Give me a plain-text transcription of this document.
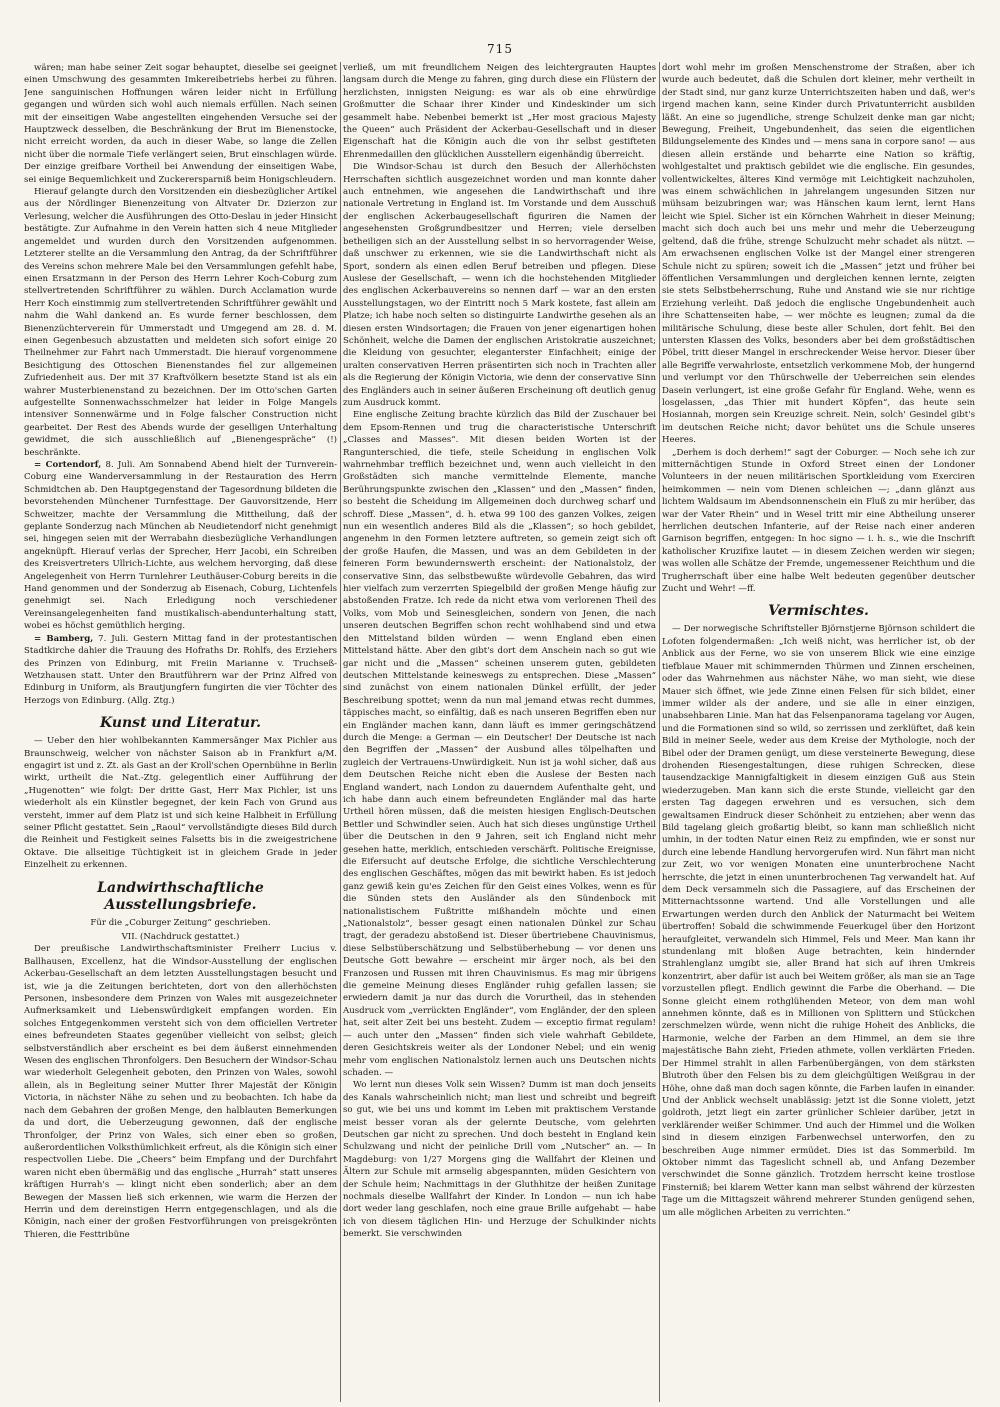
715

wären; man habe seiner Zeit sogar behauptet, dieselbe sei geeignet einen Umschwung des gesammten Imkereibetriebs herbei zu führen. Jene sanguinischen Hoffnungen wären leider nicht in Erfüllung gegangen und würden sich wohl auch niemals erfüllen. Nach seinen mit der einseitigen Wabe angestellten eingehenden Versuche sei der Hauptzweck desselben, die Beschränkung der Brut im Bienenstocke, nicht erreicht worden, da auch in dieser Wabe, so lange die Zellen nicht über die normale Tiefe verlängert seien, Brut einschlagen würde. Der einzige greifbare Vortheil bei Anwendung der einseitigen Wabe, sei einige Bequemlichkeit und Zuckerersparniß beim Honigschleudern.

Hierauf gelangte durch den Vorsitzenden ein diesbezüglicher Artikel aus der Nördlinger Bienenzeitung von Altvater Dr. Dzierzon zur Verlesung, welcher die Ausführungen des Otto-Deslau in jeder Hinsicht bestätigte. Zur Aufnahme in den Verein hatten sich 4 neue Mitglieder angemeldet und wurden durch den Vorsitzenden aufgenommen. Letzterer stellte an die Versammlung den Antrag, da der Schriftführer des Vereins schon mehrere Male bei den Versammlungen gefehlt habe, einen Ersatzmann in der Person des Herrn Lehrer Koch-Coburg zum stellvertretenden Schriftführer zu wählen. Durch Acclamation wurde Herr Koch einstimmig zum stellvertretenden Schriftführer gewählt und nahm die Wahl dankend an. Es wurde ferner beschlossen, dem Bienenzüchterverein für Ummerstadt und Umgegend am 28. d. M. einen Gegenbesuch abzustatten und meldeten sich sofort einige 20 Theilnehmer zur Fahrt nach Ummerstadt. Die hierauf vorgenommene Besichtigung des Ottoschen Bienenstandes fiel zur allgemeinen Zufriedenheit aus. Der mit 37 Kraftvölkern besetzte Stand ist als ein wahrer Musterbienenstand zu bezeichnen. Der im Otto'schen Garten aufgestellte Sonnenwachsschmelzer hat leider in Folge Mangels intensiver Sonnenwärme und in Folge falscher Construction nicht gearbeitet. Der Rest des Abends wurde der geselligen Unterhaltung gewidmet, die sich ausschließlich auf „Bienengespräche“ (!) beschränkte.

= Cortendorf, 8. Juli. Am Sonnabend Abend hielt der Turnverein-Coburg eine Wanderversammlung in der Restauration des Herrn Schmidtchen ab. Den Hauptgegenstand der Tagesordnung bildeten die bevorstehenden Münchener Turnfesttage. Der Gauvorsitzende, Herr Schweitzer, machte der Versammlung die Mittheilung, daß der geplante Sonderzug nach München ab Neudietendorf nicht genehmigt sei, hingegen seien mit der Werrabahn diesbezügliche Verhandlungen angeknüpft. Hierauf verlas der Sprecher, Herr Jacobi, ein Schreiben des Kreisvertreters Ullrich-Lichte, aus welchem hervorging, daß diese Angelegenheit von Herrn Turnlehrer Leuthäuser-Coburg bereits in die Hand genommen und der Sonderzug ab Eisenach, Coburg, Lichtenfels genehmigt sei. Nach Erledigung noch verschiedener Vereinsangelegenheiten fand mustikalisch-abendunterhaltung statt, wobei es höchst gemüthlich herging.

= Bamberg, 7. Juli. Gestern Mittag fand in der protestantischen Stadtkirche dahier die Trauung des Hofraths Dr. Rohlfs, des Erziehers des Prinzen von Edinburg, mit Freiin Marianne v. Truchseß-Wetzhausen statt. Unter den Brautführern war der Prinz Alfred von Edinburg in Uniform, als Brautjungfern fungirten die vier Töchter des Herzogs von Edinburg. (Allg. Ztg.)

Kunst und Literatur.

— Ueber den hier wohlbekannten Kammersänger Max Pichler aus Braunschweig, welcher von nächster Saison ab in Frankfurt a/M. engagirt ist und z. Zt. als Gast an der Kroll'schen Opernbühne in Berlin wirkt, urtheilt die Nat.-Ztg. gelegentlich einer Aufführung der „Hugenotten“ wie folgt: Der dritte Gast, Herr Max Pichler, ist uns wiederholt als ein Künstler begegnet, der kein Fach von Grund aus versteht, immer auf dem Platz ist und sich keine Halbheit in Erfüllung seiner Pflicht gestattet. Sein „Raoul“ vervollständigte dieses Bild durch die Reinheit und Festigkeit seines Falsetts bis in die zweigestrichene Oktave. Die allseitige Tüchtigkeit ist in gleichem Grade in jeder Einzelheit zu erkennen.

Landwirthschaftliche Ausstellungsbriefe.

Für die „Coburger Zeitung“ geschrieben.

VII. (Nachdruck gestattet.)

Der preußische Landwirthschaftsminister Freiherr Lucius v. Ballhausen, Excellenz, hat die Windsor-Ausstellung der englischen Ackerbau-Gesellschaft an dem letzten Ausstellungstagen besucht und ist, wie ja die Zeitungen berichteten, dort von den allerhöchsten Personen, insbesondere dem Prinzen von Wales mit ausgezeichneter Aufmerksamkeit und Liebenswürdigkeit empfangen worden. Ein solches Entgegenkommen versteht sich von dem officiellen Vertreter eines befreundeten Staates gegenüber vielleicht von selbst; gleich selbstverständlich aber erscheint es bei dem äußerst einnehmenden Wesen des englischen Thronfolgers. Den Besuchern der Windsor-Schau war wiederholt Gelegenheit geboten, den Prinzen von Wales, sowohl allein, als in Begleitung seiner Mutter Ihrer Majestät der Königin Victoria, in nächster Nähe zu sehen und zu beobachten. Ich habe da nach dem Gebahren der großen Menge, den halblauten Bemerkungen da und dort, die Ueberzeugung gewonnen, daß der englische Thronfolger, der Prinz von Wales, sich einer eben so großen, außerordentlichen Volksthümlichkeit erfreut, als die Königin sich einer respectvollen Liebe. Die „Cheers“ beim Empfang und der Durchfahrt waren nicht eben übermäßig und das englische „Hurrah“ statt unseres kräftigen Hurrah's — klingt nicht eben sonderlich; aber an dem Bewegen der Massen ließ sich erkennen, wie warm die Herzen der Herrin und dem dereinstigen Herrn entgegenschlagen, und als die Königin, nach einer der großen Festvorführungen von preisgekrönten Thieren, die Festtribüne

verließ, um mit freundlichem Neigen des leichtergrauten Hauptes langsam durch die Menge zu fahren, ging durch diese ein Flüstern der herzlichsten, innigsten Neigung: es war als ob eine ehrwürdige Großmutter die Schaar ihrer Kinder und Kindeskinder um sich gesammelt habe. Nebenbei bemerkt ist „Her most gracious Majesty the Queen“ auch Präsident der Ackerbau-Gesellschaft und in dieser Eigenschaft hat die Königin auch die von ihr selbst gestifteten Ehrenmedaillen den glücklichen Ausstellern eigenhändig überreicht.

Die Windsor-Schau ist durch den Besuch der Allerhöchsten Herrschaften sichtlich ausgezeichnet worden und man konnte daher auch entnehmen, wie angesehen die Landwirthschaft und ihre nationale Vertretung in England ist. Im Vorstande und dem Ausschuß der englischen Ackerbaugesellschaft figuriren die Namen der angesehensten Großgrundbesitzer und Herren; viele derselben betheiligen sich an der Ausstellung selbst in so hervorragender Weise, daß unschwer zu erkennen, wie sie die Landwirthschaft nicht als Sport, sondern als einen edlen Beruf betreiben und pflegen. Diese Auslese der Gesellschaft, — wenn ich die hochstehenden Mitglieder des englischen Ackerbauvereins so nennen darf — war an den ersten Ausstellungstagen, wo der Eintritt noch 5 Mark kostete, fast allein am Platze; ich habe noch selten so distinguirte Landwirthe gesehen als an diesen ersten Windsortagen; die Frauen von jener eigenartigen hohen Schönheit, welche die Damen der englischen Aristokratie auszeichnet; die Kleidung von gesuchter, eleganterster Einfachheit; einige der uralten conservativen Herren präsentirten sich noch in Trachten aller als die Regierung der Königin Victoria, wie denn der conservative Sinn des Engländers auch in seiner äußeren Erscheinung oft deutlich genug zum Ausdruck kommt.

Eine englische Zeitung brachte kürzlich das Bild der Zuschauer bei dem Epsom-Rennen und trug die characteristische Unterschrift „Classes and Masses“. Mit diesen beiden Worten ist der Rangunterschied, die tiefe, steile Scheidung in englischen Volk wahrnehmbar trefflich bezeichnet und, wenn auch vielleicht in den Großstädten sich manche vermittelnde Elemente, manche Berührungspunkte zwischen den „Klassen“ und den „Massen“ finden, so besteht die Scheidung im Allgemeinen doch durchweg scharf und schroff. Diese „Massen“, d. h. etwa 99 100 des ganzen Volkes, zeigen nun ein wesentlich anderes Bild als die „Klassen“; so hoch gebildet, angenehm in den Formen letztere auftreten, so gemein zeigt sich oft der große Haufen, die Massen, und was an dem Gebildeten in der feineren Form bewundernswerth erscheint: der Nationalstolz, der conservative Sinn, das selbstbewußte würdevolle Gebahren, das wird hier vielfach zum verzerrten Spiegelbild der großen Menge häufig zur abstoßenden Fratze. Ich rede da nicht etwa vom verlorenen Theil des Volks, vom Mob und Seinesgleichen, sondern von Jenen, die nach unseren deutschen Begriffen schon recht wohlhabend sind und etwa den Mittelstand bilden würden — wenn England eben einen Mittelstand hätte. Aber den gibt's dort dem Anschein nach so gut wie gar nicht und die „Massen“ scheinen unserem guten, gebildeten deutschen Mittelstande keineswegs zu entsprechen. Diese „Massen“ sind zunächst von einem nationalen Dünkel erfüllt, der jeder Beschreibung spottet; wenn da nun mal jemand etwas recht dummes, täppisches macht, so einfältig, daß es nach unseren Begriffen eben nur ein Engländer machen kann, dann läuft es immer geringschätzend durch die Menge: a German — ein Deutscher! Der Deutsche ist nach den Begriffen der „Massen“ der Ausbund alles tölpelhaften und zugleich der Vertrauens-Unwürdigkeit. Nun ist ja wohl sicher, daß aus dem Deutschen Reiche nicht eben die Auslese der Besten nach England wandert, nach London zu dauerndem Aufenthalte geht, und ich habe dann auch einem befreundeten Engländer mal das harte Urtheil hören müssen, daß die meisten hiesigen Englisch-Deutschen Bettler und Schwindler seien. Auch hat sich dieses ungünstige Urtheil über die Deutschen in den 9 Jahren, seit ich England nicht mehr gesehen hatte, merklich, entschieden verschärft. Politische Ereignisse, die Eifersucht auf deutsche Erfolge, die sichtliche Verschlechterung des englischen Geschäftes, mögen das mit bewirkt haben. Es ist jedoch ganz gewiß kein gu'es Zeichen für den Geist eines Volkes, wenn es für die Sünden stets den Ausländer als den Sündenbock mit nationalistischem Fußtritte mißhandeln möchte und einen „Nationalstolz“, besser gesagt einen nationalen Dünkel zur Schau tragt, der geradezu abstoßend ist. Dieser übertriebene Chauvinismus, diese Selbstüberschätzung und Selbstüberhebung — vor denen uns Deutsche Gott bewahre — erscheint mir ärger noch, als bei den Franzosen und Russen mit ihren Chauvinismus. Es mag mir übrigens die gemeine Meinung dieses Engländer ruhig gefallen lassen; sie erwiedern damit ja nur das durch die Vorurtheil, das in stehenden Ausdruck vom „verrückten Engländer“, vom Engländer, der den spleen hat, seit alter Zeit bei uns besteht. Zudem — exceptio firmat regulam! — auch unter den „Massen“ finden sich viele wahrhaft Gebildete, deren Gesichtskreis weiter als der Londoner Nebel; und ein wenig mehr vom englischen Nationalstolz lernen auch uns Deutschen nichts schaden. —

Wo lernt nun dieses Volk sein Wissen? Dumm ist man doch jenseits des Kanals wahrscheinlich nicht; man liest und schreibt und begreift so gut, wie bei uns und kommt im Leben mit praktischem Verstande meist besser voran als der gelernte Deutsche, vom gelehrten Deutschen gar nicht zu sprechen. Und doch besteht in England kein Schulzwang und nicht der peinliche Drill vom „Nutscher“ an. — In Magdeburg: von 1/27 Morgens ging die Wallfahrt der Kleinen und Ältern zur Schule mit armselig abgespannten, müden Gesichtern von der Schule heim; Nachmittags in der Gluthhitze der heißen Zunitage nochmals dieselbe Wallfahrt der Kinder. In London — nun ich habe dort weder lang geschlafen, noch eine graue Brille aufgehabt — habe ich von diesem täglichen Hin- und Herzuge der Schulkinder nichts bemerkt. Sie verschwinden

dort wohl mehr im großen Menschenstrome der Straßen, aber ich wurde auch bedeutet, daß die Schulen dort kleiner, mehr vertheilt in der Stadt sind, nur ganz kurze Unterrichtszeiten haben und daß, wer's irgend machen kann, seine Kinder durch Privatunterricht ausbilden läßt. An eine so jugendliche, strenge Schulzeit denke man gar nicht; Bewegung, Freiheit, Ungebundenheit, das seien die eigentlichen Bildungselemente des Kindes und — mens sana in corpore sano! — aus diesen allein erstände und beharrte eine Nation so kräftig, wohlgestaltet und praktisch gebildet wie die englische. Ein gesundes, vollentwickeltes, älteres Kind vermöge mit Leichtigkeit nachzuholen, was einem schwächlichen in jahrelangem ungesunden Sitzen nur mühsam beizubringen war; was Hänschen kaum lernt, lernt Hans leicht wie Spiel. Sicher ist ein Körnchen Wahrheit in dieser Meinung; macht sich doch auch bei uns mehr und mehr die Ueberzeugung geltend, daß die frühe, strenge Schulzucht mehr schadet als nützt. — Am erwachsenen englischen Volke ist der Mangel einer strengeren Schule nicht zu spüren; soweit ich die „Massen“ jetzt und früher bei öffentlichen Versammlungen und dergleichen kennen lernte, zeigten sie stets Selbstbeherrschung, Ruhe und Anstand wie sie nur richtige Erziehung verleiht. Daß jedoch die englische Ungebundenheit auch ihre Schattenseiten habe, — wer möchte es leugnen; zumal da die militärische Schulung, diese beste aller Schulen, dort fehlt. Bei den untersten Klassen des Volks, besonders aber bei dem großstädtischen Pöbel, tritt dieser Mangel in erschreckender Weise hervor. Dieser über alle Begriffe verwahrloste, entsetzlich verkommene Mob, der hungernd und verlumpt vor den Thürschwelle der Ueberreichen sein elendes Dasein verlungert, ist eine große Gefahr für England. Wehe, wenn es losgelassen, „das Thier mit hundert Köpfen“, das heute sein Hosiannah, morgen sein Kreuzige schreit. Nein, solch' Gesindel gibt's im deutschen Reiche nicht; davor behütet uns die Schule unseres Heeres.

„Derhem is doch derhem!“ sagt der Coburger. — Noch sehe ich zur mitternächtigen Stunde in Oxford Street einen der Londoner Volunteers in der neuen militärischen Sportkleidung vom Exerciren heimkommen — nein vom Dienen schleichen —; „dann glänzt aus lichtem Waldsaum im Abendsonnenschein ein Fluß zu mir herüber, das war der Vater Rhein“ und in Wesel tritt mir eine Abtheilung unserer herrlichen deutschen Infanterie, auf der Reise nach einer anderen Garnison begriffen, entgegen: In hoc signo — i. h. s., wie die Inschrift katholischer Kruzifixe lautet — in diesem Zeichen werden wir siegen; was wollen alle Schätze der Fremde, ungemessener Reichthum und die Trugherrschaft über eine halbe Welt bedeuten gegenüber deutscher Zucht und Wehr! —ff.

Vermischtes.

— Der norwegische Schriftsteller Björnstjerne Björnson schildert die Lofoten folgendermaßen: „Ich weiß nicht, was herrlicher ist, ob der Anblick aus der Ferne, wo sie von unserem Blick wie eine einzige tiefblaue Mauer mit schimmernden Thürmen und Zinnen erscheinen, oder das Wahrnehmen aus nächster Nähe, wo man sieht, wie diese Mauer sich öffnet, wie jede Zinne einen Felsen für sich bildet, einer immer wilder als der andere, und sie alle in einer einzigen, unabsehbaren Linie. Man hat das Felsenpanorama tagelang vor Augen, und die Formationen sind so wild, so zerrissen und zerklüftet, daß kein Bild in meiner Seele, weder aus dem Kreise der Mythologie, noch der Bibel oder der Dramen genügt, um diese versteinerte Bewegung, diese drohenden Riesengestaltungen, diese ruhigen Schrecken, diese tausendzackige Mannigfaltigkeit in diesem einzigen Guß aus Stein wiederzugeben. Man kann sich die erste Stunde, vielleicht gar den ersten Tag dagegen erwehren und es versuchen, sich dem gewaltsamen Eindruck dieser Schönheit zu entziehen; aber wenn das Bild tagelang gleich großartig bleibt, so kann man schließlich nicht umhin, in der todten Natur einen Reiz zu empfinden, wie er sonst nur durch eine lebende Handlung hervorgerufen wird. Nun fährt man nicht zur Zeit, wo vor wenigen Monaten eine ununterbrochene Nacht herrschte, die jetzt in einen ununterbrochenen Tag verwandelt hat. Auf dem Deck versammeln sich die Passagiere, auf das Erscheinen der Mitternachtssonne wartend. Und alle Vorstellungen und alle Erwartungen werden durch den Anblick der Naturmacht bei Weitem übertroffen! Sobald die schwimmende Feuerkugel über den Horizont heraufgleitet, verwandeln sich Himmel, Fels und Meer. Man kann ihr stundenlang mit bloßen Auge betrachten, kein hindernder Strahlenglanz umgibt sie, aller Brand hat sich auf ihren Umkreis konzentrirt, aber dafür ist auch bei Weitem größer, als man sie an Tage vorzustellen pflegt. Endlich gewinnt die Farbe die Oberhand. — Die Sonne gleicht einem rothglühenden Meteor, von dem man wohl annehmen könnte, daß es in Millionen von Splittern und Stückchen zerschmelzen würde, wenn nicht die ruhige Hoheit des Anblicks, die Harmonie, welche der Farben an dem Himmel, an dem sie ihre majestätische Bahn zieht, Frieden athmete, vollen verklärten Frieden. Der Himmel strahlt in allen Farbenübergängen, von dem stärksten Blutroth über den Felsen bis zu dem gleichgültigen Weißgrau in der Höhe, ohne daß man doch sagen könnte, die Farben laufen in einander. Und der Anblick wechselt unablässig: jetzt ist die Sonne violett, jetzt goldroth, jetzt liegt ein zarter grünlicher Schleier darüber, jetzt in verklärender weißer Schimmer. Und auch der Himmel und die Wolken sind in diesem einzigen Farbenwechsel unterworfen, den zu beschreiben Auge nimmer ermüdet. Dies ist das Sommerbild. Im Oktober nimmt das Tageslicht schnell ab, und Anfang Dezember verschwindet die Sonne gänzlich. Trotzdem herrscht keine trostlose Finsterniß; bei klarem Wetter kann man selbst während der kürzesten Tage um die Mittagszeit während mehrerer Stunden genügend sehen, um alle möglichen Arbeiten zu verrichten.“
